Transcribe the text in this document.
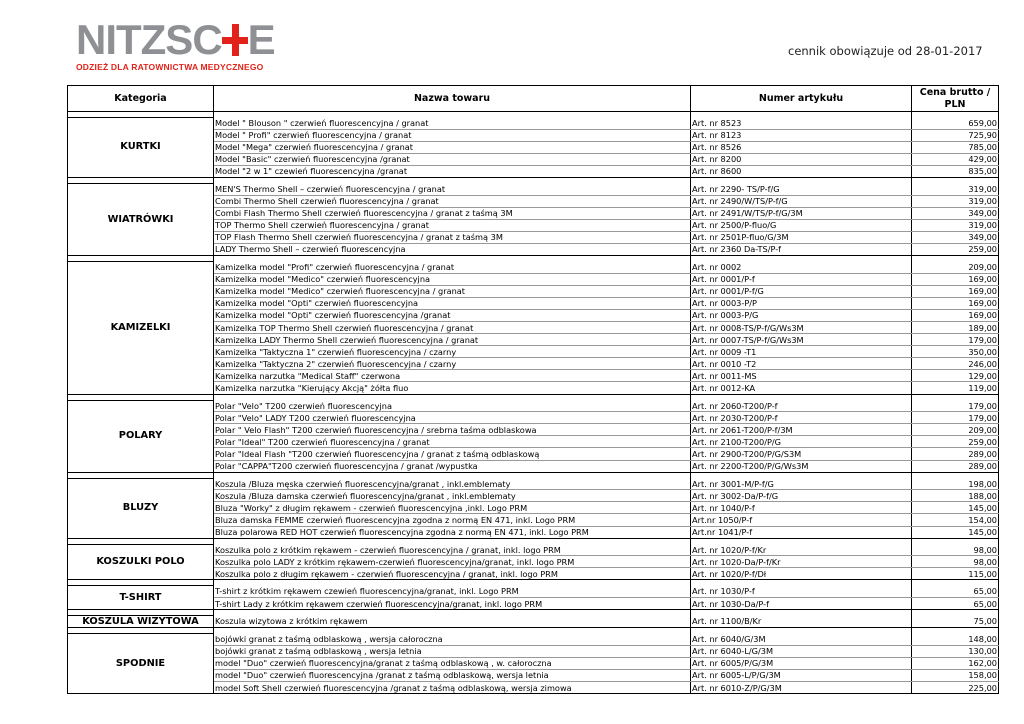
NITZSC E
ODZIEŻ DLA RATOWNICTWA MEDYCZNEGO
cennik obowiązuje od 28-01-2017
Kategoria	Nazwa towaru	Numer artykułu	Cena brutto / PLN

KURTKI	Model " Blouson " czerwień fluorescencyjna / granat	Art. nr 8523	659,00
	Model " Profi" czerwień fluorescencyjna / granat	Art. nr 8123	725,90
	Model "Mega" czerwień fluorescencyjna / granat	Art. nr 8526	785,00
	Model "Basic" czerwień fluorescencyjna /granat	Art. nr 8200	429,00
	Model "2 w 1" czewień fluorescencyjna /granat	Art. nr 8600	835,00

WIATRÓWKI	MEN'S Thermo Shell – czerwień fluorescencyjna / granat	Art. nr 2290- TS/P-f/G	319,00
	Combi Thermo Shell czerwień fluorescencyjna / granat	Art. nr 2490/W/TS/P-f/G	319,00
	Combi Flash Thermo Shell czerwień fluorescencyjna / granat z taśmą 3M	Art. nr 2491/W/TS/P-f/G/3M	349,00
	TOP Thermo Shell czerwień fluorescencyjna / granat	Art. nr 2500/P-fluo/G	319,00
	TOP Flash Thermo Shell czerwień fluorescencyjna / granat z taśmą 3M	Art. nr 2501P-fluo/G/3M	349,00
	LADY Thermo Shell – czerwień fluorescencyjna	Art. nr 2360 Da-TS/P-f	259,00

KAMIZELKI	Kamizelka model "Profi" czerwień fluorescencyjna / granat	Art. nr 0002	209,00
	Kamizelka model "Medico" czerwień fluorescencyjna	Art. nr 0001/P-f	169,00
	Kamizelka model "Medico" czerwień fluorescencyjna / granat	Art. nr 0001/P-f/G	169,00
	Kamizelka model "Opti" czerwień fluorescencyjna	Art. nr 0003-P/P	169,00
	Kamizelka model "Opti" czerwień fluorescencyjna /granat	Art. nr 0003-P/G	169,00
	Kamizelka TOP Thermo Shell czerwień fluorescencyjna / granat	Art. nr 0008-TS/P-f/G/Ws3M	189,00
	Kamizelka LADY Thermo Shell czerwień fluorescencyjna / granat	Art. nr 0007-TS/P-f/G/Ws3M	179,00
	Kamizelka "Taktyczna 1" czerwień fluorescencyjna / czarny	Art. nr 0009 -T1	350,00
	Kamizelka "Taktyczna 2" czerwień fluorescencyjna / czarny	Art. nr 0010 -T2	246,00
	Kamizelka narzutka "Medical Staff" czerwona	Art. nr 0011-MS	129,00
	Kamizelka narzutka "Kierujący Akcją" żółta fluo	Art. nr 0012-KA	119,00

POLARY	Polar "Velo" T200 czerwień fluorescencyjna	Art. nr 2060-T200/P-f	179,00
	Polar "Velo" LADY T200 czerwień fluorescencyjna	Art. nr 2030-T200/P-f	179,00
	Polar " Velo Flash" T200 czerwień fluorescencyjna / srebrna taśma odblaskowa	Art. nr 2061-T200/P-f/3M	209,00
	Polar "Ideal" T200 czerwień fluorescencyjna / granat	Art. nr 2100-T200/P/G	259,00
	Polar "Ideal Flash "T200 czerwień fluorescencyjna / granat z taśmą odblaskową	Art. nr 2900-T200/P/G/S3M	289,00
	Polar "CAPPA"T200 czerwień fluorescencyjna / granat /wypustka	Art. nr 2200-T200/P/G/Ws3M	289,00

BLUZY	Koszula /Bluza męska czerwień fluorescencyjna/granat , inkl.emblematy	Art. nr 3001-M/P-f/G	198,00
	Koszula /Bluza damska czerwień fluorescencyjna/granat , inkl.emblematy	Art. nr 3002-Da/P-f/G	188,00
	Bluza "Worky" z długim rękawem - czerwień fluorescencyjna ,inkl. Logo PRM	Art. nr 1040/P-f	145,00
	Bluza damska FEMME czerwień fluorescencyjna zgodna z normą EN 471, inkl. Logo PRM	Art.nr 1050/P-f	154,00
	Bluza polarowa RED HOT czerwień fluorescencyjna zgodna z normą EN 471, inkl. Logo PRM	Art.nr 1041/P-f	145,00

KOSZULKI POLO	Koszulka polo z krótkim rękawem - czerwień fluorescencyjna / granat, inkl. logo PRM	Art. nr 1020/P-f/Kr	98,00
	Koszulka polo LADY z krótkim rękawem-czerwień fluorescencyjna/granat, inkl. logo PRM	Art. nr 1020-Da/P-f/Kr	98,00
	Koszulka polo z długim rękawem - czerwień fluorescencyjna / granat, inkl. logo PRM	Art. nr 1020/P-f/Dł	115,00

T-SHIRT	T-shirt z krótkim rękawem czewień fluorescencyjna/granat, inkl. Logo PRM	Art. nr 1030/P-f	65,00
	T-shirt Lady z krótkim rękawem czerwień fluorescencyjna/granat, inkl. logo PRM	Art. nr 1030-Da/P-f	65,00

KOSZULA WIZYTOWA	Koszula wizytowa z krótkim rękawem	Art. nr 1100/B/Kr	75,00

SPODNIE	bojówki granat z taśmą odblaskową , wersja całoroczna	Art. nr 6040/G/3M	148,00
	bojówki granat z taśmą odblaskową , wersja letnia	Art. nr 6040-L/G/3M	130,00
	model "Duo" czerwień fluorescencyjna/granat z taśmą odblaskową , w. całoroczna	Art. nr 6005/P/G/3M	162,00
	model "Duo" czerwień fluorescencyjna /granat z taśmą odblaskową, wersja letnia	Art. nr 6005-L/P/G/3M	158,00
	model Soft Shell czerwień fluorescencyjna /granat z taśmą odblaskową, wersja zimowa	Art. nr 6010-Z/P/G/3M	225,00
